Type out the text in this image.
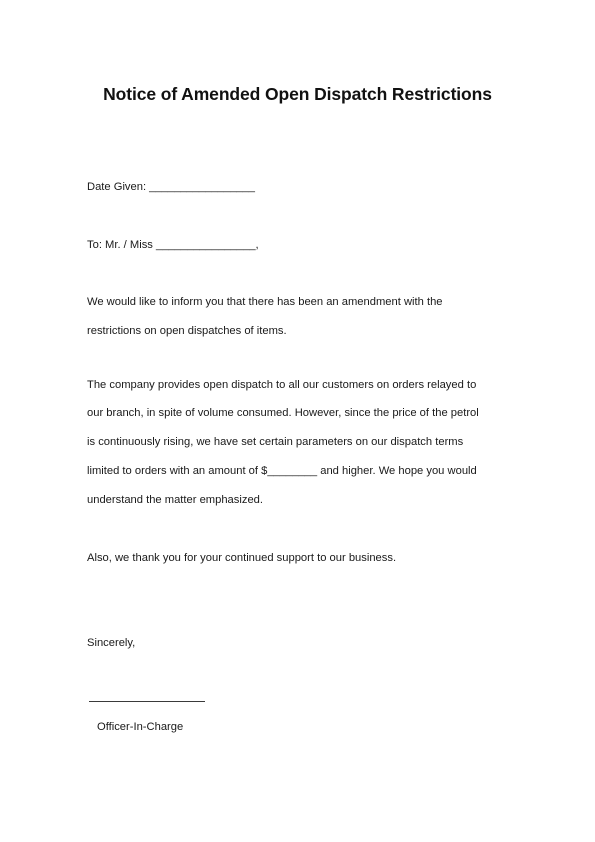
Notice of Amended Open Dispatch Restrictions
Date Given: _________________
To: Mr. / Miss ________________,
We would like to inform you that there has been an amendment with the
restrictions on open dispatches of items.
The company provides open dispatch to all our customers on orders relayed to
our branch, in spite of volume consumed. However, since the price of the petrol
is continuously rising, we have set certain parameters on our dispatch terms
limited to orders with an amount of $________ and higher. We hope you would
understand the matter emphasized.
Also, we thank you for your continued support to our business.
Sincerely,
Officer-In-Charge
